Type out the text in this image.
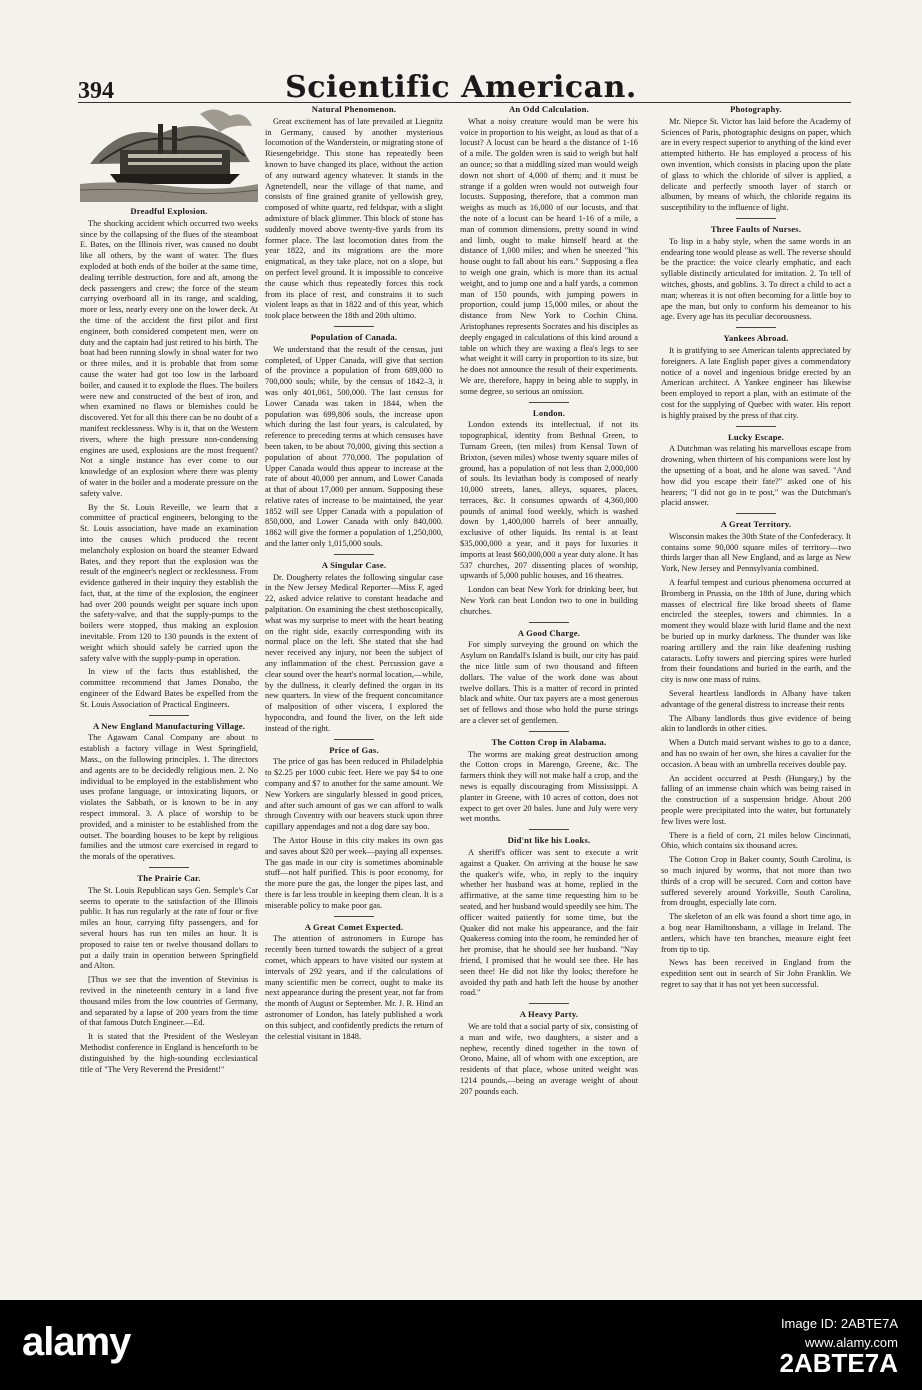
394	Scientific American.
Dreadful Explosion.

The shocking accident which occurred two weeks since by the collapsing of the flues of the steamboat E. Bates, on the Illinois river, was caused no doubt like all others, by the want of water. The flues exploded at both ends of the boiler at the same time, dealing terrible destruction, fore and aft, among the deck passengers and crew; the force of the steam carrying overboard all in its range, and scalding, more or less, nearly every one on the lower deck. At the time of the accident the first pilot and first engineer, both considered competent men, were on duty and the captain had just retired to his birth. The boat had been running slowly in shoal water for two or three miles, and it is probable that from some cause the water had got too low in the larboard boiler, and caused it to explode the flues. The boilers were new and constructed of the best of iron, and when examined no flaws or blemishes could be discovered. Yet for all this there can be no doubt of a manifest recklessness. Why is it, that on the Western rivers, where the high pressure non-condensing engines are used, explosions are the most frequent? Not a single instance has ever come to our knowledge of an explosion where there was plenty of water in the boiler and a moderate pressure on the safety valve.

By the St. Louis Reveille, we learn that a committee of practical engineers, belonging to the St. Louis association, have made an examination into the causes which produced the recent melancholy explosion on board the steamer Edward Bates, and they report that the explosion was the result of the engineer's neglect or recklessness. From evidence gathered in their inquiry they establish the fact, that, at the time of the explosion, the engineer had over 200 pounds weight per square inch upon the safety-valve, and that the supply-pumps to the boilers were stopped, thus making an explosion inevitable. From 120 to 130 pounds is the extent of weight which should safely be carried upon the safety valve with the supply-pump in operation.

In view of the facts thus established, the committee recommend that James Donaho, the engineer of the Edward Bates be expelled from the St. Louis Association of Practical Engineers.

A New England Manufacturing Village.

The Agawam Canal Company are about to establish a factory village in West Springfield, Mass., on the following principles. 1. The directors and agents are to be decidedly religious men. 2. No individual to be employed in the establishment who uses profane language, or intoxicating liquors, or violates the Sabbath, or is known to be in any respect immoral. 3. A place of worship to be provided, and a minister to be established from the outset. The boarding houses to be kept by religious families and the utmost care exercised in regard to the morals of the operatives.

The Prairie Car.

The St. Louis Republican says Gen. Semple's Car seems to operate to the satisfaction of the Illinois public. It has run regularly at the rate of four or five miles an hour, carrying fifty passengers, and for several hours has run ten miles an hour. It is proposed to raise ten or twelve thousand dollars to put a daily train in operation between Springfield and Alton.

[Thus we see that the invention of Stevinius is revived in the nineteenth century in a land five thousand miles from the low countries of Germany, and separated by a lapse of 200 years from the time of that famous Dutch Engineer.—Ed.

It is stated that the President of the Wesleyan Methodist conference in England is henceforth to be distinguished by the high-sounding ecclesiastical title of "The Very Reverend the President!"

Natural Phenomenon.

Great excitement has of late prevailed at Liegnitz in Germany, caused by another mysterious locomotion of the Wanderstein, or migrating stone of Riesengebridge. This stone has repeatedly been known to have changed its place, without the action of any outward agency whatever. It stands in the Agnetendell, near the village of that name, and consists of fine grained granite of yellowish grey, composed of white quartz, red feldspar, with a slight admixture of black glimmer. This block of stone has suddenly moved above twenty-five yards from its former place. The last locomotion dates from the year 1822, and its migrations are the more enigmatical, as they take place, not on a slope, but on perfect level ground. It is impossible to conceive the cause which thus repeatedly forces this rock from its place of rest, and constrains it to such violent leaps as that in 1822 and of this year, which took place between the 18th and 20th ultimo.

Population of Canada.

We understand that the result of the census, just completed, of Upper Canada, will give that section of the province a population of from 689,000 to 700,000 souls; while, by the census of 1842–3, it was only 401,061, 500,000. The last census for Lower Canada was taken in 1844, when the population was 699,806 souls, the increase upon which during the last four years, is calculated, by reference to preceding terms at which censuses have been taken, to be about 70,000, giving this section a population of about 770,000. The population of Upper Canada would thus appear to increase at the rate of about 40,000 per annum, and Lower Canada at that of about 17,000 per annum. Supposing these relative rates of increase to be maintained, the year 1852 will see Upper Canada with a population of 850,000, and Lower Canada with only 840,000. 1862 will give the former a population of 1,250,000, and the latter only 1,015,000 souls.

A Singular Case.

Dr. Dougherty relates the following singular case in the New Jersey Medical Reporter—Miss F, aged 22, asked advice relative to constant headache and palpitation. On examining the chest stethoscopically, what was my surprise to meet with the heart beating on the right side, exactly corresponding with its normal place on the left. She stated that she had never received any injury, nor been the subject of any inflammation of the chest. Percussion gave a clear sound over the heart's normal location,—while, by the dullness, it clearly defined the organ in its new quarters. In view of the frequent concomitance of malposition of other viscera, I explored the hypocondra, and found the liver, on the left side instead of the right.

Price of Gas.

The price of gas has been reduced in Philadelphia to $2.25 per 1000 cubic feet. Here we pay $4 to one company and $7 to another for the same amount. We New Yorkers are singularly blessed in good prices, and after such amount of gas we can afford to walk through Coventry with our beavers stuck upon three capillary appendages and not a dog dare say boo.

The Astor House in this city makes its own gas and saves about $20 per week—paying all expenses. The gas made in our city is sometimes abominable stuff—not half purified. This is poor economy, for the more pure the gas, the longer the pipes last, and there is far less trouble in keeping them clean. It is a miserable policy to make poor gas.

A Great Comet Expected.

The attention of astronomers in Europe has recently been turned towards the subject of a great comet, which appears to have visited our system at intervals of 292 years, and if the calculations of many scientific men be correct, ought to make its next appearance during the present year, not far from the month of August or September. Mr. J. R. Hind an astronomer of London, has lately published a work on this subject, and confidently predicts the return of the celestial visitant in 1848.

An Odd Calculation.

What a noisy creature would man be were his voice in proportion to his weight, as loud as that of a locust? A locust can be heard a the distance of 1-16 of a mile. The golden wren is said to weigh but half an ounce; so that a middling sized man would weigh down not short of 4,000 of them; and it must be strange if a golden wren would not outweigh four locusts. Supposing, therefore, that a common man weighs as much as 16,000 of our locusts, and that the note of a locust can be heard 1-16 of a mile, a man of common dimensions, pretty sound in wind and limb, ought to make himself heard at the distance of 1,000 miles; and when he sneezed "his house ought to fall about his ears." Supposing a flea to weigh one grain, which is more than its actual weight, and to jump one and a half yards, a common man of 150 pounds, with jumping powers in proportion, could jump 15,000 miles, or about the distance from New York to Cochin China. Aristophanes represents Socrates and his disciples as deeply engaged in calculations of this kind around a table on which they are waxing a flea's legs to see what weight it will carry in proportion to its size, but he does not announce the result of their experiments. We are, therefore, happy in being able to supply, in some degree, so serious an omission.

London.

London extends its intellectual, if not its topographical, identity from Bethnal Green, to Turnam Green, (ten miles) from Kensal Town of Brixton, (seven miles) whose twenty square miles of ground, has a population of not less than 2,000,000 of souls. Its leviathan body is composed of nearly 10,000 streets, lanes, alleys, squares, places, terraces, &c. It consumes upwards of 4,360,000 pounds of animal food weekly, which is washed down by 1,400,000 barrels of beer annually, exclusive of other liquids. Its rental is at least $35,000,000 a year, and it pays for luxuries it imports at least $60,000,000 a year duty alone. It has 537 churches, 207 dissenting places of worship, upwards of 5,000 public houses, and 16 theatres.

London can beat New York for drinking beer, but New York can beat London two to one in building churches.

A Good Charge.

For simply surveying the ground on which the Asylum on Randall's Island is built, our city has paid the nice little sum of two thousand and fifteen dollars. The value of the work done was about twelve dollars. This is a matter of record in printed black and white. Our tax payers are a most generous set of fellows and those who hold the purse strings are a clever set of gentlemen.

The Cotton Crop in Alabama.

The worms are making great destruction among the Cotton crops in Marengo, Greene, &c. The farmers think they will not make half a crop, and the news is equally discouraging from Mississippi. A planter in Greene, with 10 acres of cotton, does not expect to get over 20 bales. June and July were very wet months.

Did'nt like his Looks.

A sheriff's officer was sent to execute a writ against a Quaker. On arriving at the house he saw the quaker's wife, who, in reply to the inquiry whether her husband was at home, replied in the affirmative, at the same time requesting him to be seated, and her husband would speedily see him. The officer waited patiently for some time, but the Quaker did not make his appearance, and the fair Quakeress coming into the room, he reminded her of her promise, that he should see her husband. "Nay friend, I promised that he would see thee. He has seen thee! He did not like thy looks; therefore he avoided thy path and hath left the house by another road."

A Heavy Party.

We are told that a social party of six, consisting of a man and wife, two daughters, a sister and a nephew, recently dined together in the town of Orono, Maine, all of whom with one exception, are residents of that place, whose united weight was 1214 pounds,—being an average weight of about 207 pounds each.

Photography.

Mr. Niepce St. Victor has laid before the Academy of Sciences of Paris, photographic designs on paper, which are in every respect superior to anything of the kind ever attempted hitherto. He has employed a process of his own invention, which consists in placing upon the plate of glass to which the chloride of silver is applied, a delicate and perfectly smooth layer of starch or albumen, by means of which, the chloride regains its susceptibility to the influence of light.

Three Faults of Nurses.

To lisp in a baby style, when the same words in an endearing tone would please as well. The reverse should be the practice: the voice clearly emphatic, and each syllable distinctly articulated for imitation. 2. To tell of witches, ghosts, and goblins. 3. To direct a child to act a man; whereas it is not often becoming for a little boy to ape the man, but only to conform his demeanor to his age. Every age has its peculiar decorousness.

Yankees Abroad.

It is gratifying to see American talents appreciated by foreigners. A late English paper gives a commendatory notice of a novel and ingenious bridge erected by an American architect. A Yankee engineer has likewise been employed to report a plan, with an estimate of the cost for the supplying of Quebec with water. His report is highly praised by the press of that city.

Lucky Escape.

A Dutchman was relating his marvellous escape from drowning, when thirteen of his companions were lost by the upsetting of a boat, and he alone was saved. "And how did you escape their fate?" asked one of his hearers; "I did not go in te post," was the Dutchman's placid answer.

A Great Territory.

Wisconsin makes the 30th State of the Confederacy. It contains some 90,000 square miles of territory—two thirds larger than all New England, and as large as New York, New Jersey and Pennsylvania combined.

A fearful tempest and curious phenomena occurred at Bromberg in Prussia, on the 18th of June, during which masses of electrical fire like broad sheets of flame encircled the steeples, towers and chimnies. In a moment they would blaze with lurid flame and the next be buried up in murky darkness. The thunder was like roaring artillery and the rain like deafening rushing cataracts. Lofty towers and piercing spires were hurled from their foundations and buried in the earth, and the city is now one mass of ruins.

Several heartless landlords in Albany have taken advantage of the general distress to increase their rents

The Albany landlords thus give evidence of being akin to landlords in other cities.

When a Dutch maid servant wishes to go to a dance, and has no swain of her own, she hires a cavalier for the occasion. A beau with an umbrella receives double pay.

An accident occurred at Pesth (Hungary,) by the falling of an immense chain which was being raised in the construction of a suspension bridge. About 200 people were precipitated into the water, but fortunately few lives were lost.

There is a field of corn, 21 miles below Cincinnati, Ohio, which contains six thousand acres.

The Cotton Crop in Baker county, South Carolina, is so much injured by worms, that not more than two thirds of a crop will be secured. Corn and cotton have suffered severely around Yorkville, South Carolina, from drought, especially late corn.

The skeleton of an elk was found a short time ago, in a bog near Hamiltonsbann, a village in Ireland. The antlers, which have ten branches, measure eight feet from tip to tip.

News has been received in England from the expedition sent out in search of Sir John Franklin. We regret to say that it has not yet been successful.

alamy	Image ID: 2ABTE7A
www.alamy.com
2ABTE7A
